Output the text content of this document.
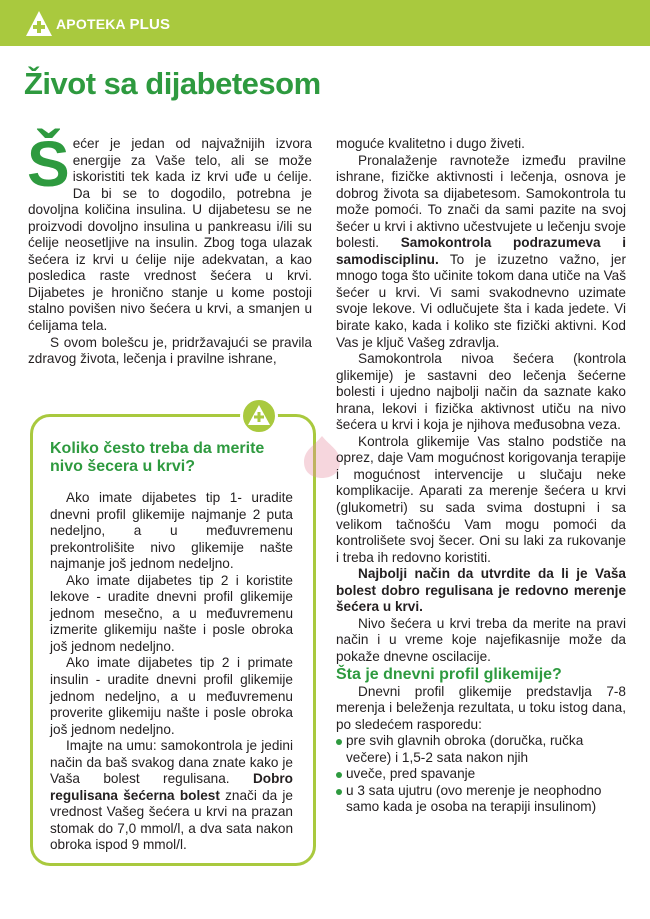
APOTEKA PLUS
Život sa dijabetesom

Šećer je jedan od najvažnijih izvora energije za Vaše telo, ali se može iskoristiti tek kada iz krvi uđe u ćelije. Da bi se to dogodilo, potrebna je dovoljna količina insulina. U dijabetesu se ne proizvodi dovoljno insulina u pankreasu i/ili su ćelije neosetljive na insulin. Zbog toga ulazak šećera iz krvi u ćelije nije adekvatan, a kao posledica raste vrednost šećera u krvi. Dijabetes je hronično stanje u kome postoji stalno povišen nivo šećera u krvi, a smanjen u ćelijama tela.

S ovom bolešcu je, pridržavajući se pravila zdravog života, lečenja i pravilne ishrane,

Koliko često treba da merite nivo šecera u krvi?

Ako imate dijabetes tip 1- uradite dnevni profil glikemije najmanje 2 puta nedeljno, a u međuvremenu prekontrolišite nivo glikemije našte najmanje još jednom nedeljno.

Ako imate dijabetes tip 2 i koristite lekove - uradite dnevni profil glikemije jednom mesečno, a u međuvremenu izmerite glikemiju našte i posle obroka još jednom nedeljno.

Ako imate dijabetes tip 2 i primate insulin - uradite dnevni profil glikemije jednom nedeljno, a u međuvremenu proverite glikemiju našte i posle obroka još jednom nedeljno.

Imajte na umu: samokontrola je jedini način da baš svakog dana znate kako je Vaša bolest regulisana. Dobro regulisana šećerna bolest znači da je vrednost Vašeg šećera u krvi na prazan stomak do 7,0 mmol/l, a dva sata nakon obroka ispod 9 mmol/l.

moguće kvalitetno i dugo živeti.

Pronalaženje ravnoteže između pravilne ishrane, fizičke aktivnosti i lečenja, osnova je dobrog života sa dijabetesom. Samokontrola tu može pomoći. To znači da sami pazite na svoj šećer u krvi i aktivno učestvujete u lečenju svoje bolesti. Samokontrola podrazumeva i samodisciplinu. To je izuzetno važno, jer mnogo toga što učinite tokom dana utiče na Vaš šećer u krvi. Vi sami svakodnevno uzimate svoje lekove. Vi odlučujete šta i kada jedete. Vi birate kako, kada i koliko ste fizički aktivni. Kod Vas je ključ Vašeg zdravlja.

Samokontrola nivoa šećera (kontrola glikemije) je sastavni deo lečenja šećerne bolesti i ujedno najbolji način da saznate kako hrana, lekovi i fizička aktivnost utiču na nivo šećera u krvi i koja je njihova međusobna veza.

Kontrola glikemije Vas stalno podstiče na oprez, daje Vam mogućnost korigovanja terapije i mogućnost intervencije u slučaju neke komplikacije. Aparati za merenje šećera u krvi (glukometri) su sada svima dostupni i sa velikom tačnošću Vam mogu pomoći da kontrolišete svoj šecer. Oni su laki za rukovanje i treba ih redovno koristiti.

Najbolji način da utvrdite da li je Vaša bolest dobro regulisana je redovno merenje šećera u krvi.

Nivo šećera u krvi treba da merite na pravi način i u vreme koje najefikasnije može da pokaže dnevne oscilacije.

Šta je dnevni profil glikemije?

Dnevni profil glikemije predstavlja 7-8 merenja i beleženja rezultata, u toku istog dana, po sledećem rasporedu:

pre svih glavnih obroka (doručka, ručka večere) i 1,5-2 sata nakon njih
uveče, pred spavanje
u 3 sata ujutru (ovo merenje je neophodno samo kada je osoba na terapiji insulinom)
